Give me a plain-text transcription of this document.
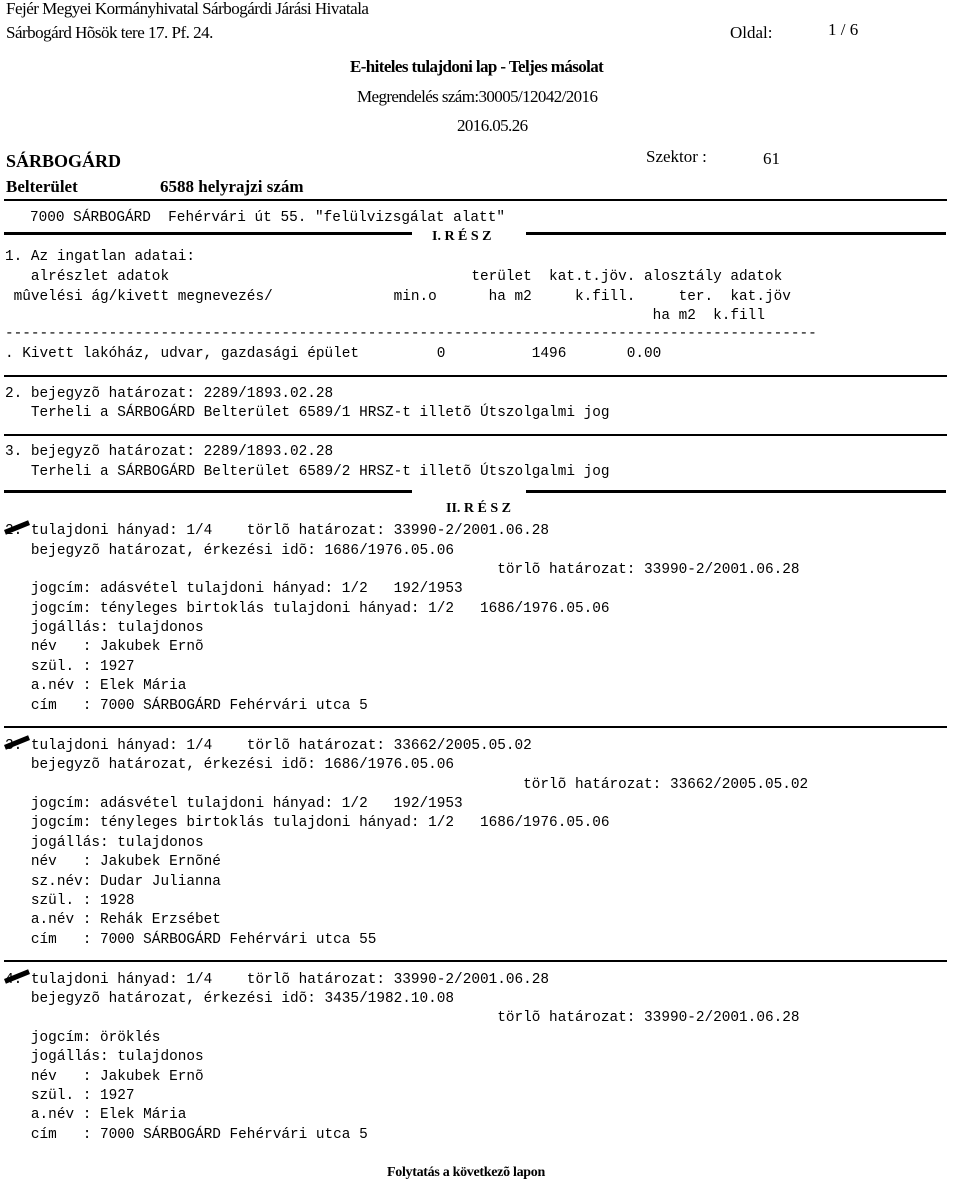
Fejér Megyei Kormányhivatal Sárbogárdi Járási Hivatala
Sárbogárd Hõsök tere 17. Pf. 24.	Oldal:	1 / 6
E-hiteles tulajdoni lap - Teljes másolat
Megrendelés szám:30005/12042/2016
2016.05.26
SÁRBOGÁRD	Szektor :	61
Belterület	6588 helyrajzi szám
7000 SÁRBOGÁRD  Fehérvári út 55. "felülvizsgálat alatt"
I. R É S Z
1. Az ingatlan adatai:
alrészlet adatok                                   terület  kat.t.jöv. alosztály adatok
mûvelési ág/kivett megnevezés/              min.o      ha m2     k.fill.     ter.  kat.jöv
ha m2  k.fill
----------------------------------------------------------------------------------------------
. Kivett lakóház, udvar, gazdasági épület         0          1496       0.00
2. bejegyzõ határozat: 2289/1893.02.28
Terheli a SÁRBOGÁRD Belterület 6589/1 HRSZ-t illetõ Útszolgalmi jog
3. bejegyzõ határozat: 2289/1893.02.28
Terheli a SÁRBOGÁRD Belterület 6589/2 HRSZ-t illetõ Útszolgalmi jog
II. R É S Z
2. tulajdoni hányad: 1/4    törlõ határozat: 33990-2/2001.06.28
bejegyzõ határozat, érkezési idõ: 1686/1976.05.06
törlõ határozat: 33990-2/2001.06.28
jogcím: adásvétel tulajdoni hányad: 1/2   192/1953
jogcím: tényleges birtoklás tulajdoni hányad: 1/2   1686/1976.05.06
jogállás: tulajdonos
név   : Jakubek Ernõ
szül. : 1927
a.név : Elek Mária
cím   : 7000 SÁRBOGÁRD Fehérvári utca 5
3. tulajdoni hányad: 1/4    törlõ határozat: 33662/2005.05.02
bejegyzõ határozat, érkezési idõ: 1686/1976.05.06
törlõ határozat: 33662/2005.05.02
jogcím: adásvétel tulajdoni hányad: 1/2   192/1953
jogcím: tényleges birtoklás tulajdoni hányad: 1/2   1686/1976.05.06
jogállás: tulajdonos
név   : Jakubek Ernõné
sz.név: Dudar Julianna
szül. : 1928
a.név : Rehák Erzsébet
cím   : 7000 SÁRBOGÁRD Fehérvári utca 55
4. tulajdoni hányad: 1/4    törlõ határozat: 33990-2/2001.06.28
bejegyzõ határozat, érkezési idõ: 3435/1982.10.08
törlõ határozat: 33990-2/2001.06.28
jogcím: öröklés
jogállás: tulajdonos
név   : Jakubek Ernõ
szül. : 1927
a.név : Elek Mária
cím   : 7000 SÁRBOGÁRD Fehérvári utca 5
Folytatás a következõ lapon
